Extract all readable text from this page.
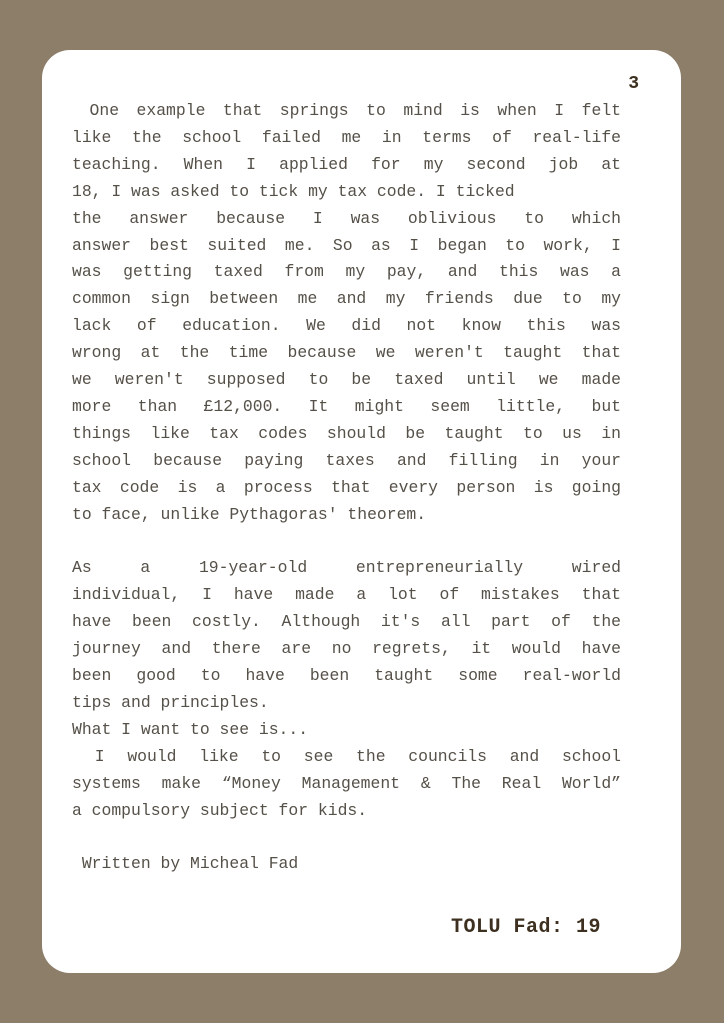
3
One example that springs to mind is when I felt
like the school failed me in terms of real-life
teaching. When I applied for my second job at
18, I was asked to tick my tax code. I ticked
the answer because I was oblivious to which
answer best suited me. So as I began to work, I
was getting taxed from my pay, and this was a
common sign between me and my friends due to my
lack of education. We did not know this was
wrong at the time because we weren't taught that
we weren't supposed to be taxed until we made
more than £12,000. It might seem little, but
things like tax codes should be taught to us in
school because paying taxes and filling in your
tax code is a process that every person is going
to face, unlike Pythagoras' theorem.
As a 19-year-old entrepreneurially wired
individual, I have made a lot of mistakes that
have been costly. Although it's all part of the
journey and there are no regrets, it would have
been good to have been taught some real-world
tips and principles.
What I want to see is...
I would like to see the councils and school
systems make “Money Management & The Real World”
a compulsory subject for kids.
Written by Micheal Fad
TOLU Fad: 19
